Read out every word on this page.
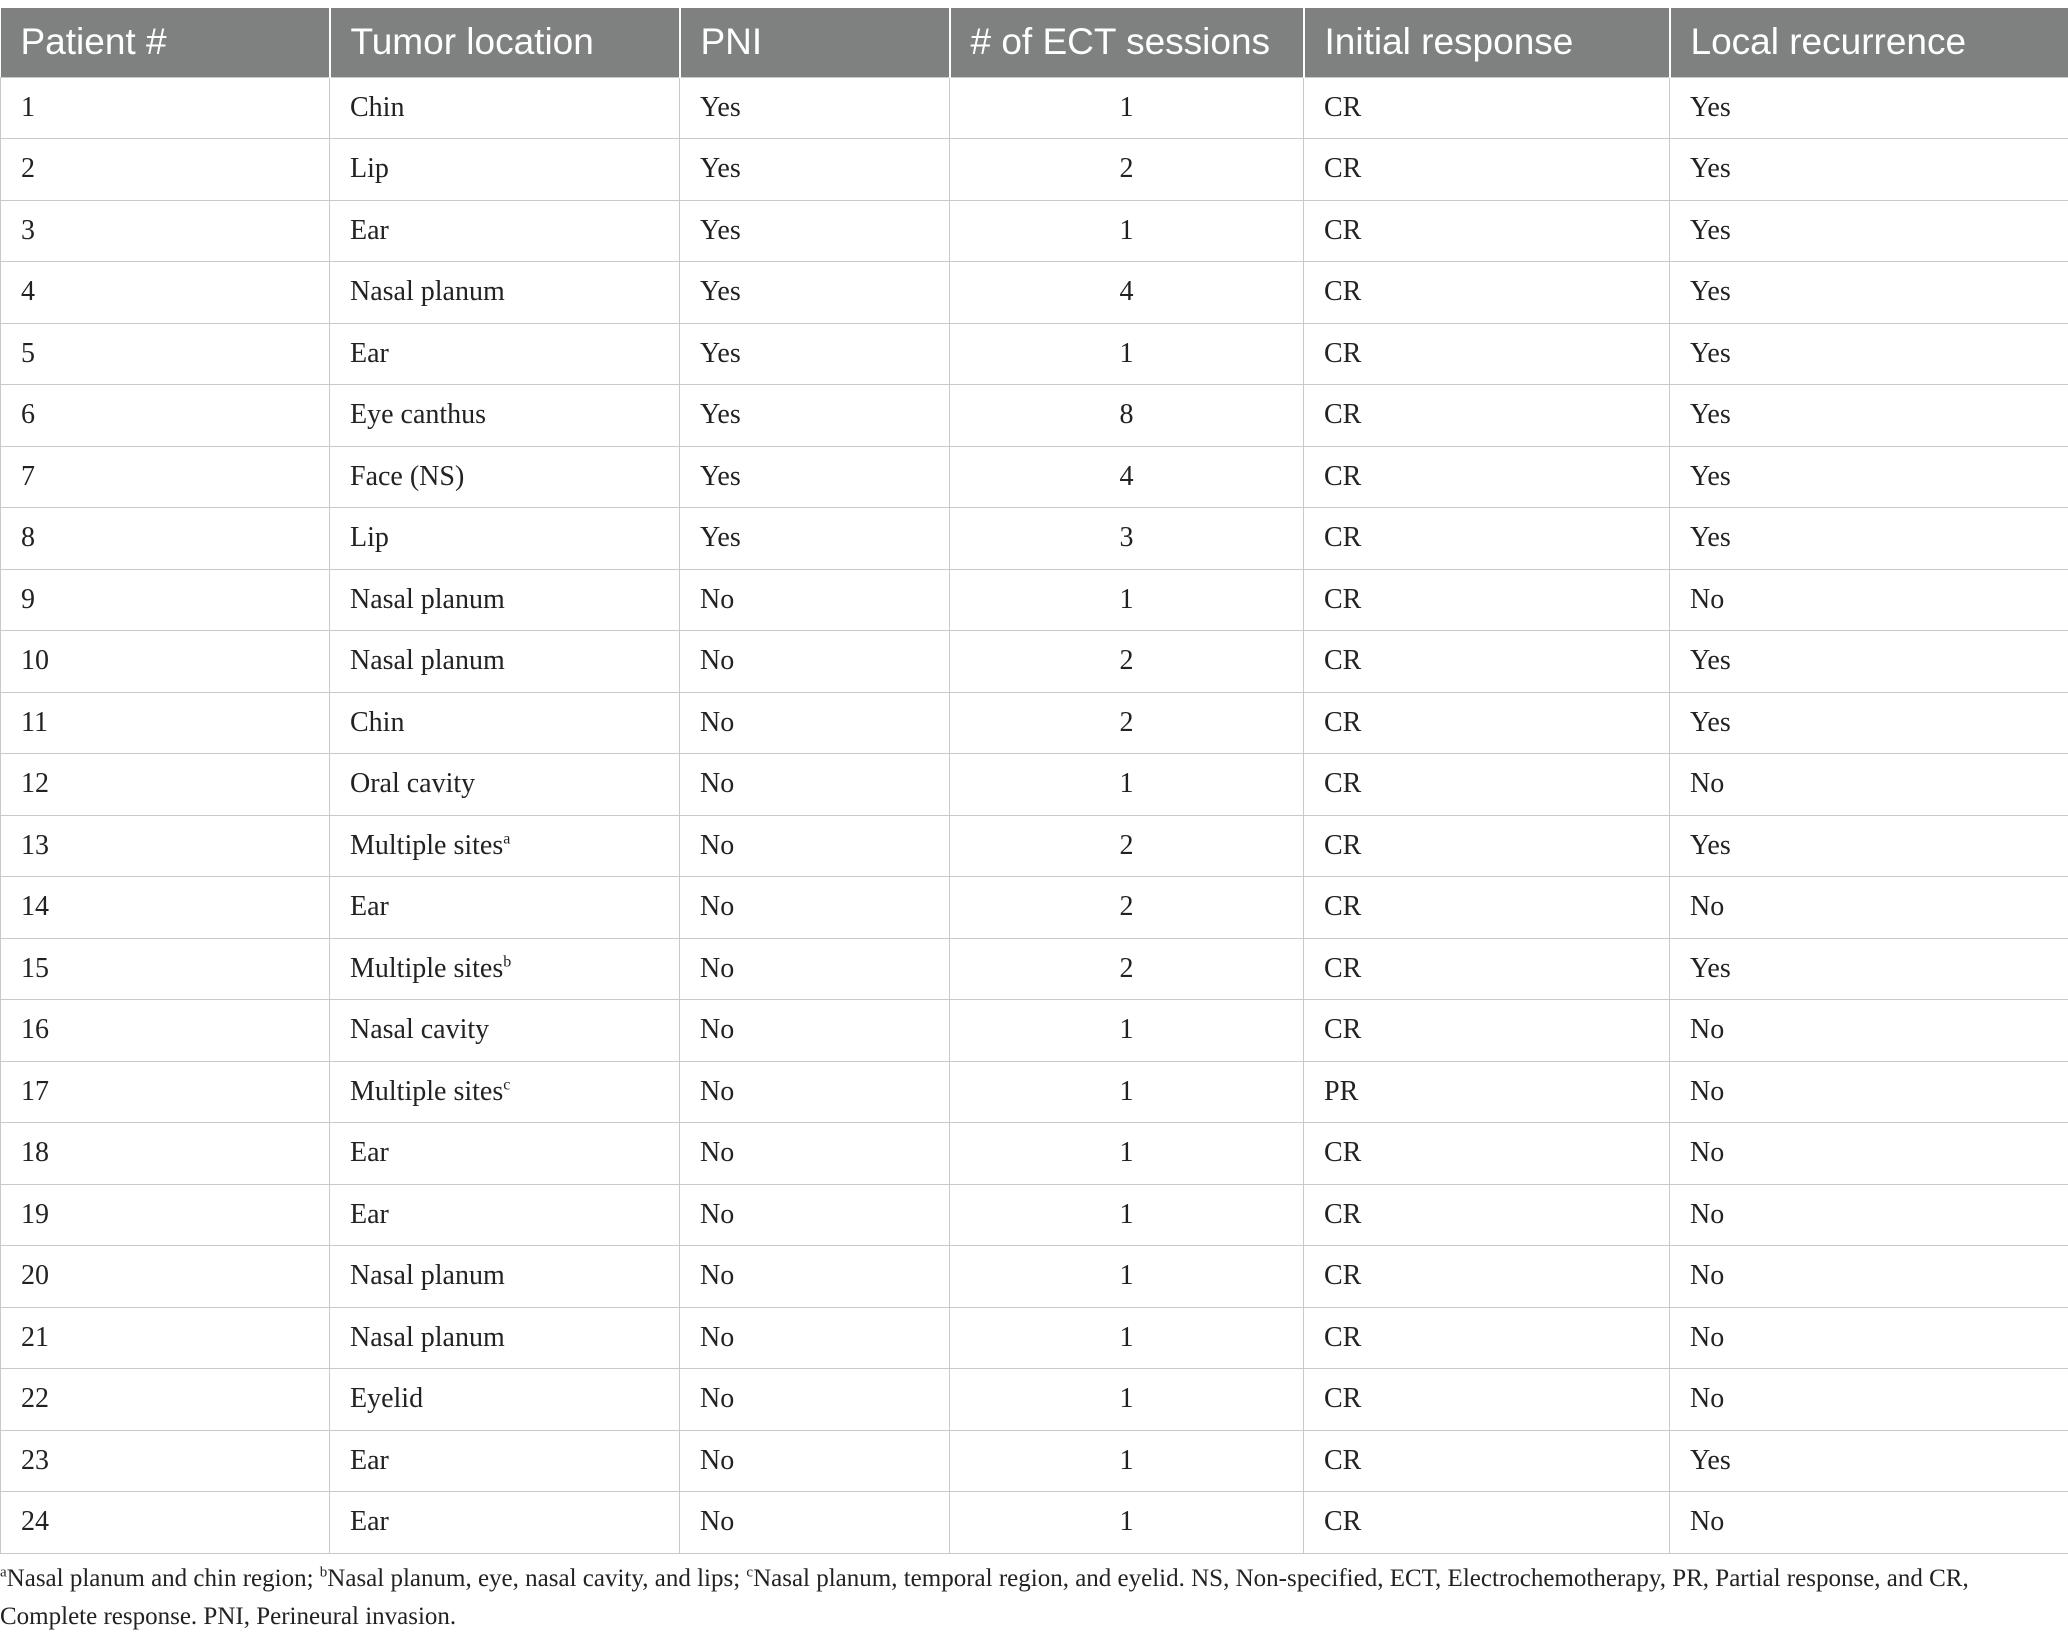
Patient #	Tumor location	PNI	# of ECT sessions	Initial response	Local recurrence
1	Chin	Yes	1	CR	Yes
2	Lip	Yes	2	CR	Yes
3	Ear	Yes	1	CR	Yes
4	Nasal planum	Yes	4	CR	Yes
5	Ear	Yes	1	CR	Yes
6	Eye canthus	Yes	8	CR	Yes
7	Face (NS)	Yes	4	CR	Yes
8	Lip	Yes	3	CR	Yes
9	Nasal planum	No	1	CR	No
10	Nasal planum	No	2	CR	Yes
11	Chin	No	2	CR	Yes
12	Oral cavity	No	1	CR	No
13	Multiple sites$^a$	No	2	CR	Yes
14	Ear	No	2	CR	No
15	Multiple sites$^b$	No	2	CR	Yes
16	Nasal cavity	No	1	CR	No
17	Multiple sites$^c$	No	1	PR	No
18	Ear	No	1	CR	No
19	Ear	No	1	CR	No
20	Nasal planum	No	1	CR	No
21	Nasal planum	No	1	CR	No
22	Eyelid	No	1	CR	No
23	Ear	No	1	CR	Yes
24	Ear	No	1	CR	No
$^a$Nasal planum and chin region; $^b$Nasal planum, eye, nasal cavity, and lips; $^c$Nasal planum, temporal region, and eyelid. NS, Non-specified, ECT, Electrochemotherapy, PR, Partial response, and CR, Complete response. PNI, Perineural invasion.
